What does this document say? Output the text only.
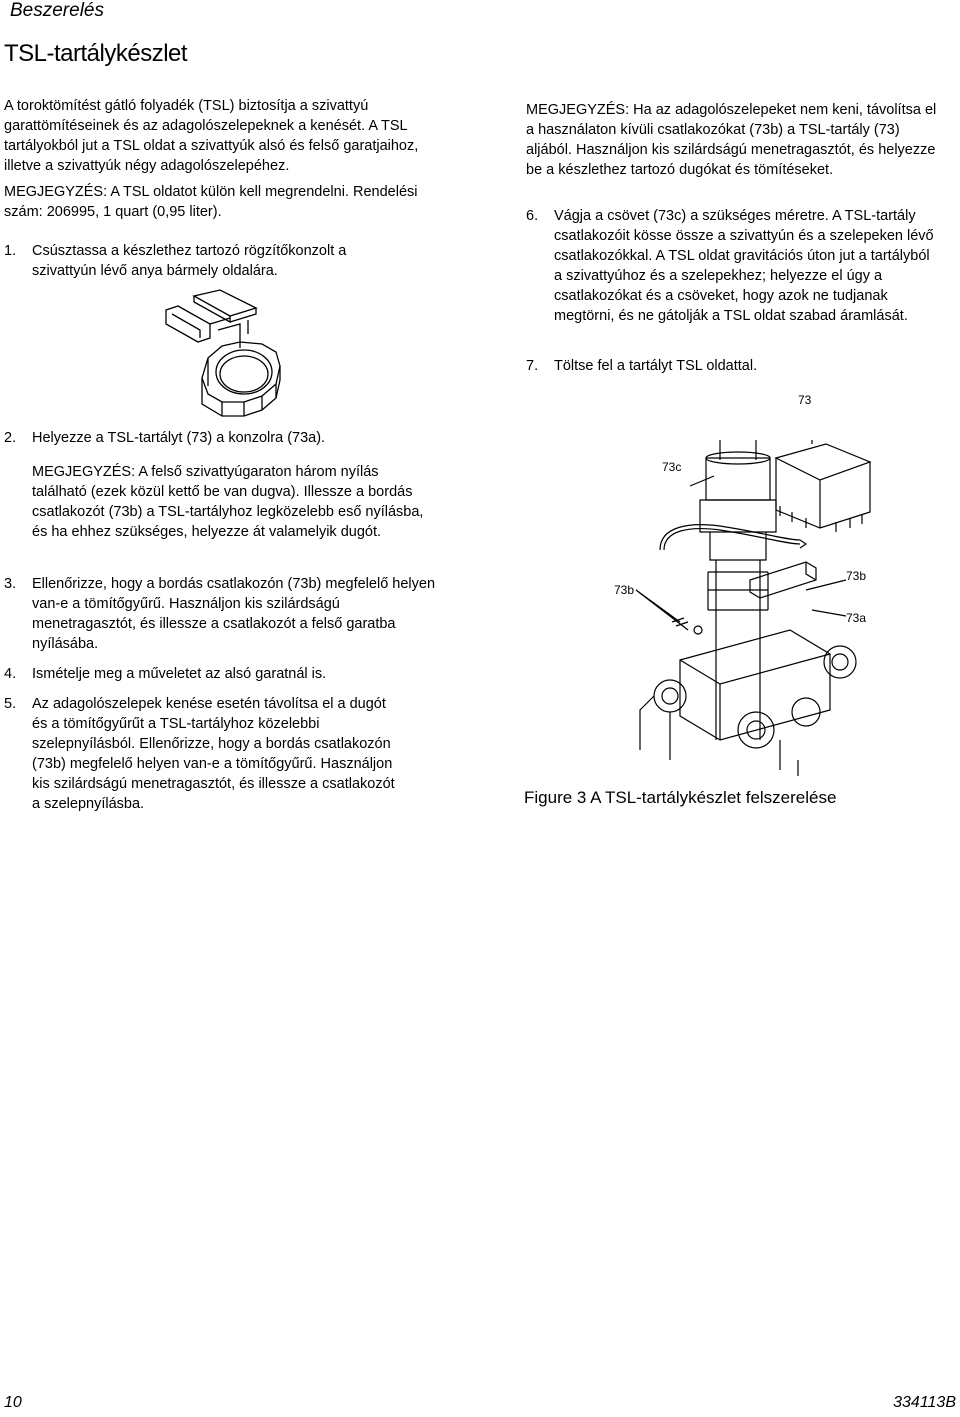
Beszerelés
TSL-tartálykészlet

A toroktömítést gátló folyadék (TSL) biztosítja a szivattyú garattömítéseinek és az adagolószelepeknek a kenését. A TSL tartályokból jut a TSL oldat a szivattyúk alsó és felső garatjaihoz, illetve a szivattyúk négy adagolószelepéhez.

MEGJEGYZÉS: A TSL oldatot külön kell megrendelni. Rendelési szám: 206995, 1 quart (0,95 liter).
1. Csúsztassa a készlethez tartozó rögzítőkonzolt a szivattyún lévő anya bármely oldalára.
2. Helyezze a TSL-tartályt (73) a konzolra (73a).
MEGJEGYZÉS: A felső szivattyúgaraton három nyílás található (ezek közül kettő be van dugva). Illessze a bordás csatlakozót (73b) a TSL-tartályhoz legközelebb eső nyílásba, és ha ehhez szükséges, helyezze át valamelyik dugót.
3. Ellenőrizze, hogy a bordás csatlakozón (73b) megfelelő helyen van-e a tömítőgyűrű. Használjon kis szilárdságú menetragasztót, és illessze a csatlakozót a felső garatba nyílásába.
4. Ismételje meg a műveletet az alsó garatnál is.
5. Az adagolószelepek kenése esetén távolítsa el a dugót és a tömítőgyűrűt a TSL-tartályhoz közelebbi szelepnyílásból. Ellenőrizze, hogy a bordás csatlakozón (73b) megfelelő helyen van-e a tömítőgyűrű. Használjon kis szilárdságú menetragasztót, és illessze a csatlakozót a szelepnyílásba.
MEGJEGYZÉS: Ha az adagolószelepeket nem keni, távolítsa el a használaton kívüli csatlakozókat (73b) a TSL-tartály (73) aljából. Használjon kis szilárdságú menetragasztót, és helyezze be a készlethez tartozó dugókat és tömítéseket.
6. Vágja a csövet (73c) a szükséges méretre. A TSL-tartály csatlakozóit kösse össze a szivattyún és a szelepeken lévő csatlakozókkal. A TSL oldat gravitációs úton jut a tartályból a szivattyúhoz és a szelepekhez; helyezze el úgy a csatlakozókat és a csöveket, hogy azok ne tudjanak megtörni, és ne gátolják a TSL oldat szabad áramlását.
7. Töltse fel a tartályt TSL oldattal.
73
73c
73b
73b
73a
Figure 3 A TSL-tartálykészlet felszerelése
10	334113B
